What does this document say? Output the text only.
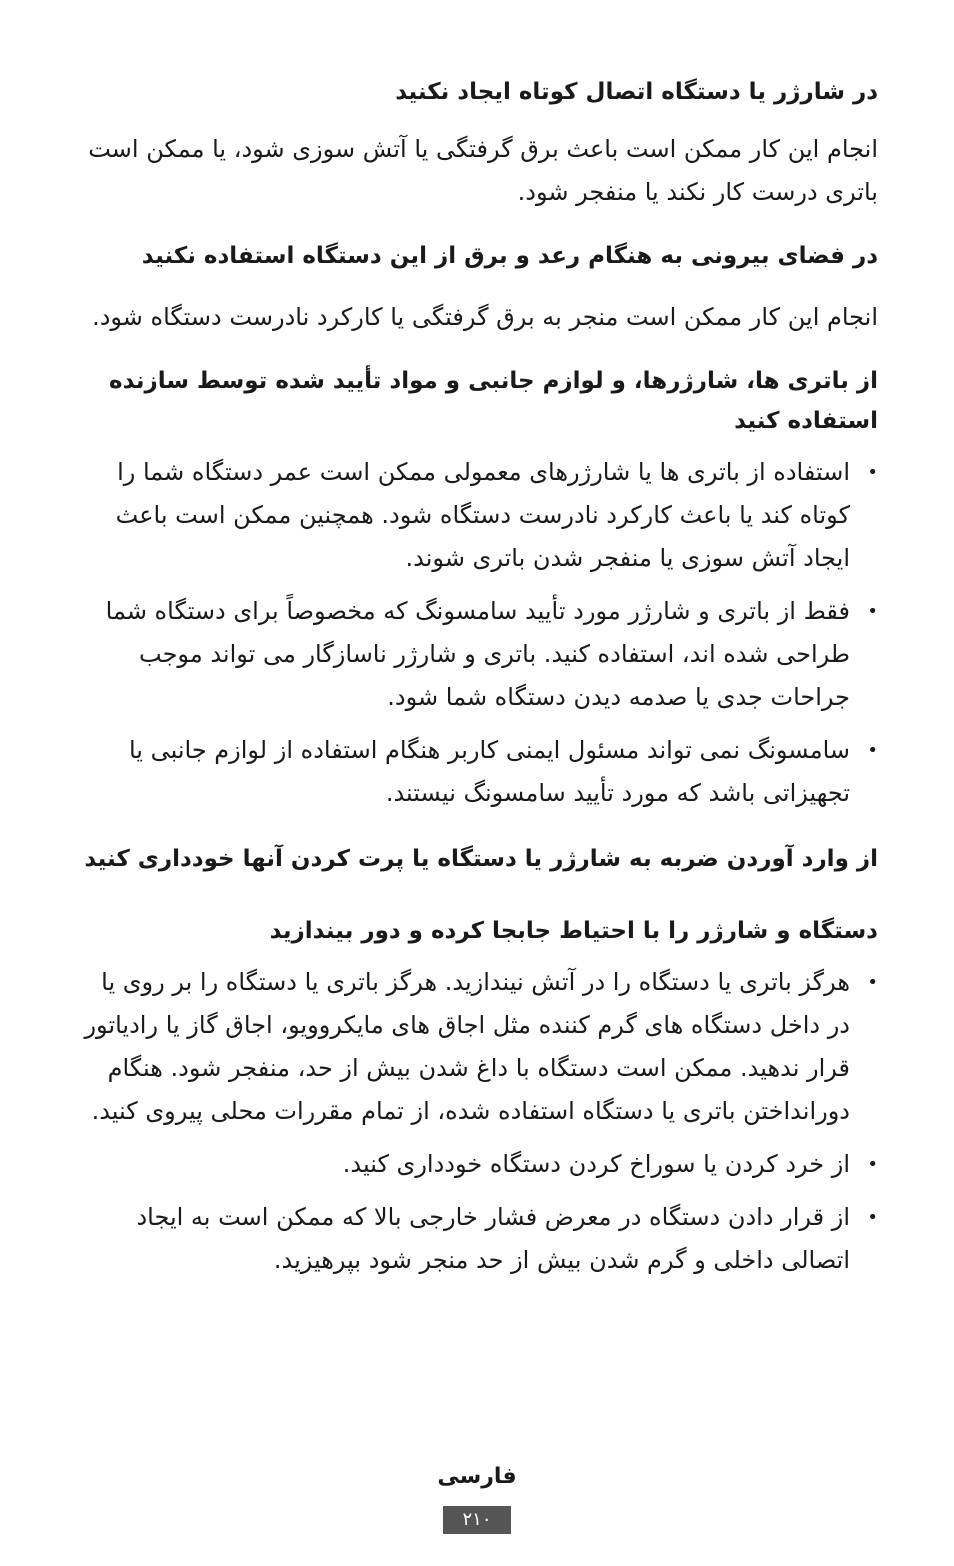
در شارژر یا دستگاه اتصال کوتاه ایجاد نکنید

انجام این کار ممکن است باعث برق گرفتگی یا آتش سوزی شود، یا ممکن است باتری درست کار نکند یا منفجر شود.

در فضای بیرونی به هنگام رعد و برق از این دستگاه استفاده نکنید

انجام این کار ممکن است منجر به برق گرفتگی یا کارکرد نادرست دستگاه شود.

از باتری ها، شارژرها، و لوازم جانبی و مواد تأیید شده توسط سازنده استفاده کنید
•
استفاده از باتری ها یا شارژرهای معمولی ممکن است عمر دستگاه شما را کوتاه کند یا باعث کارکرد نادرست دستگاه شود. همچنین ممکن است باعث ایجاد آتش سوزی یا منفجر شدن باتری شوند.
•
فقط از باتری و شارژر مورد تأیید سامسونگ که مخصوصاً برای دستگاه شما طراحی شده اند، استفاده کنید. باتری و شارژر ناسازگار می تواند موجب جراحات جدی یا صدمه دیدن دستگاه شما شود.
•
سامسونگ نمی تواند مسئول ایمنی کاربر هنگام استفاده از لوازم جانبی یا تجهیزاتی باشد که مورد تأیید سامسونگ نیستند.
از وارد آوردن ضربه به شارژر یا دستگاه یا پرت کردن آنها خودداری کنید
دستگاه و شارژر را با احتیاط جابجا کرده و دور بیندازید
•
هرگز باتری یا دستگاه را در آتش نیندازید. هرگز باتری یا دستگاه را بر روی یا در داخل دستگاه های گرم کننده مثل اجاق های مایکروویو، اجاق گاز یا رادیاتور قرار ندهید. ممکن است دستگاه با داغ شدن بیش از حد، منفجر شود. هنگام دورانداختن باتری یا دستگاه استفاده شده، از تمام مقررات محلی پیروی کنید.
•
از خرد کردن یا سوراخ کردن دستگاه خودداری کنید.
•
از قرار دادن دستگاه در معرض فشار خارجی بالا که ممکن است به ایجاد اتصالی داخلی و گرم شدن بیش از حد منجر شود بپرهیزید.
فارسی
۲۱۰
